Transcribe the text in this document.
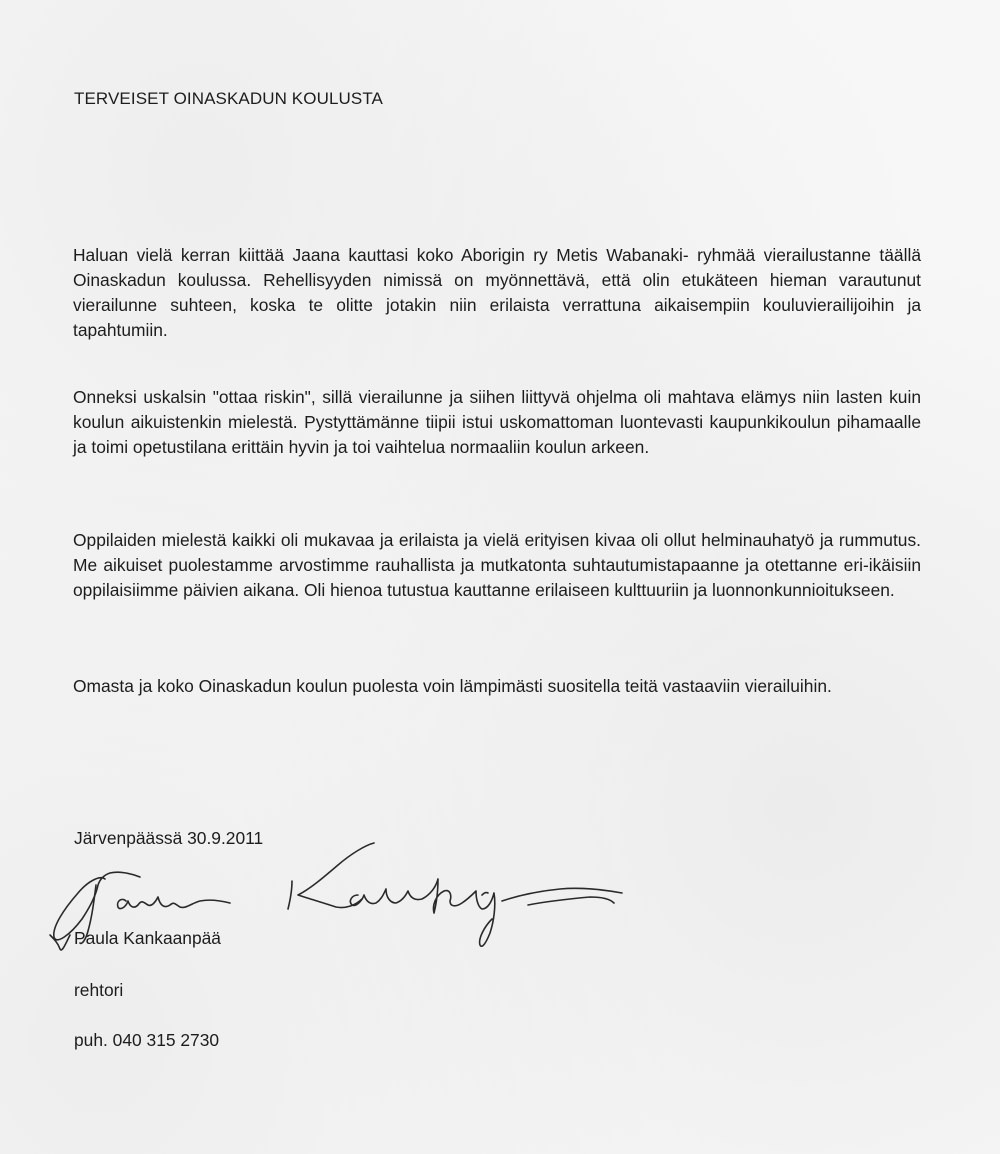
TERVEISET OINASKADUN KOULUSTA

Haluan vielä kerran kiittää Jaana kauttasi koko Aborigin ry Metis Wabanaki- ryhmää vierailustanne täällä Oinaskadun koulussa. Rehellisyyden nimissä on myönnettävä, että olin etukäteen hieman varautunut vierailunne suhteen, koska te olitte jotakin niin erilaista verrattuna aikaisempiin kouluvierailijoihin ja tapahtumiin.

Onneksi uskalsin "ottaa riskin", sillä vierailunne ja siihen liittyvä ohjelma oli mahtava elämys niin lasten kuin koulun aikuistenkin mielestä. Pystyttämänne tiipii istui uskomattoman luontevasti kaupunkikoulun pihamaalle ja toimi opetustilana erittäin hyvin ja toi vaihtelua normaaliin koulun arkeen.

Oppilaiden mielestä kaikki oli mukavaa ja erilaista ja vielä erityisen kivaa oli ollut helminauhatyö ja rummutus. Me aikuiset puolestamme arvostimme rauhallista ja mutkatonta suhtautumistapaanne ja otettanne eri-ikäisiin oppilaisiimme päivien aikana. Oli hienoa tutustua kauttanne erilaiseen kulttuuriin ja luonnonkunnioitukseen.

Omasta ja koko Oinaskadun koulun puolesta voin lämpimästi suositella teitä vastaaviin vierailuihin.

Järvenpäässä 30.9.2011

Paula Kankaanpää

rehtori

puh. 040 315 2730
